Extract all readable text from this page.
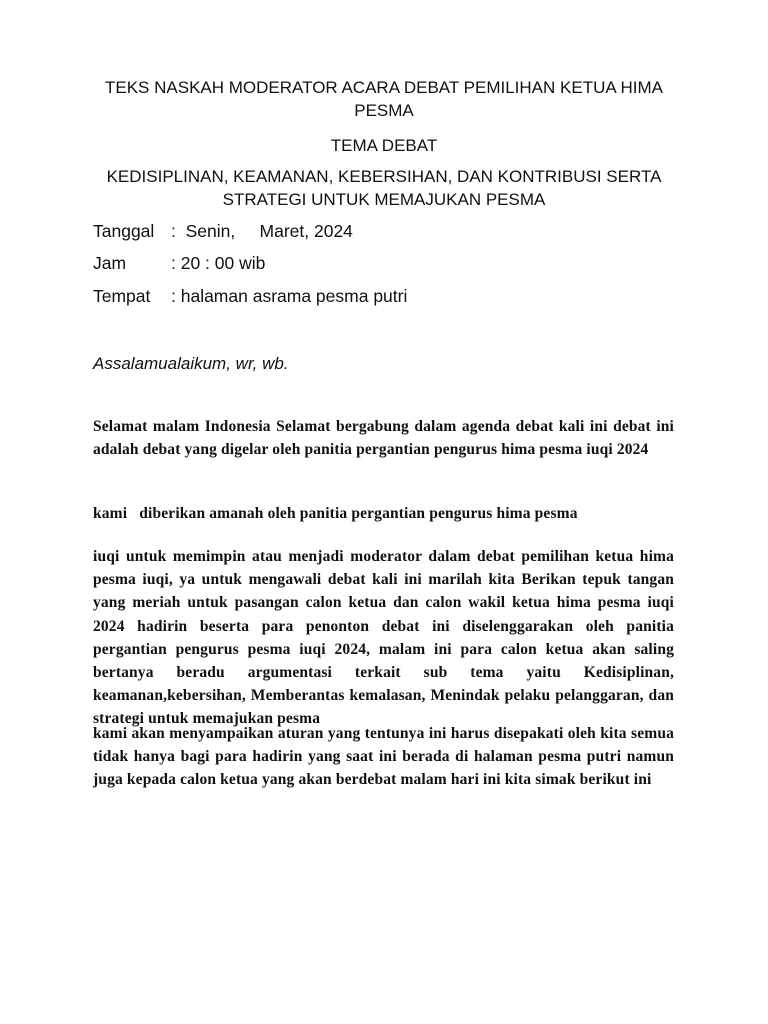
TEKS NASKAH MODERATOR ACARA DEBAT PEMILIHAN KETUA HIMA
PESMA
TEMA DEBAT
KEDISIPLINAN, KEAMANAN, KEBERSIHAN, DAN KONTRIBUSI SERTA
STRATEGI UNTUK MEMAJUKAN PESMA
Tanggal :  Senin,     Maret, 2024
Jam	: 20 : 00 wib
Tempat : halaman asrama pesma putri
Assalamualaikum, wr, wb.
Selamat malam Indonesia Selamat bergabung dalam agenda debat kali ini debat ini adalah debat yang digelar oleh panitia pergantian pengurus hima pesma iuqi 2024
kami   diberikan amanah oleh panitia pergantian pengurus hima pesma
iuqi untuk memimpin atau menjadi moderator dalam debat pemilihan ketua hima pesma iuqi, ya untuk mengawali debat kali ini marilah kita Berikan tepuk tangan yang meriah untuk pasangan calon ketua dan calon wakil ketua hima pesma iuqi 2024 hadirin beserta para penonton debat ini diselenggarakan oleh panitia pergantian pengurus pesma iuqi 2024, malam ini para calon ketua akan saling bertanya beradu argumentasi terkait sub tema yaitu Kedisiplinan, keamanan,kebersihan, Memberantas kemalasan, Menindak pelaku pelanggaran, dan strategi untuk memajukan pesma
kami akan menyampaikan aturan yang tentunya ini harus disepakati oleh kita semua tidak hanya bagi para hadirin yang saat ini berada di halaman pesma putri namun juga kepada calon ketua yang akan berdebat malam hari ini kita simak berikut ini
